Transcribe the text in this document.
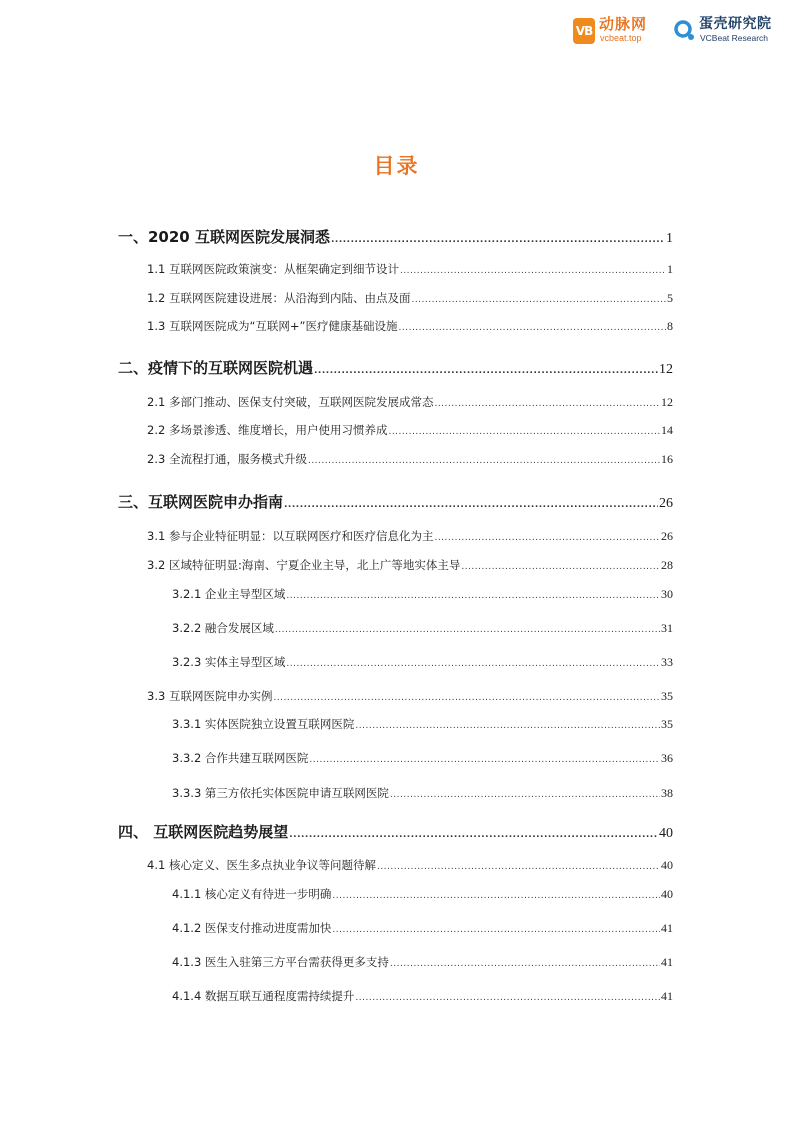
VB 动脉网
vcbeat.top
蛋壳研究院
VCBeat Research
目录
一、2020 互联网医院发展洞悉 .....	1
1.1 互联网医院政策演变：从框架确定到细节设计 .....	1
1.2 互联网医院建设进展：从沿海到内陆、由点及面 .....	5
1.3 互联网医院成为“互联网+”医疗健康基础设施 .....	8
二、疫情下的互联网医院机遇 .....	12
2.1 多部门推动、医保支付突破，互联网医院发展成常态 .....	12
2.2 多场景渗透、维度增长，用户使用习惯养成 .....	14
2.3 全流程打通，服务模式升级 .....	16
三、互联网医院申办指南 .....	26
3.1 参与企业特征明显：以互联网医疗和医疗信息化为主 .....	26
3.2 区域特征明显:海南、宁夏企业主导，北上广等地实体主导 .....	28
3.2.1 企业主导型区域 .....	30
3.2.2 融合发展区域 .....	31
3.2.3 实体主导型区域 .....	33
3.3 互联网医院申办实例 .....	35
3.3.1 实体医院独立设置互联网医院 .....	35
3.3.2 合作共建互联网医院 .....	36
3.3.3 第三方依托实体医院申请互联网医院 .....	38
四、 互联网医院趋势展望 .....	40
4.1 核心定义、医生多点执业争议等问题待解 .....	40
4.1.1 核心定义有待进一步明确 .....	40
4.1.2 医保支付推动进度需加快 .....	41
4.1.3 医生入驻第三方平台需获得更多支持 .....	41
4.1.4 数据互联互通程度需持续提升 .....	41
